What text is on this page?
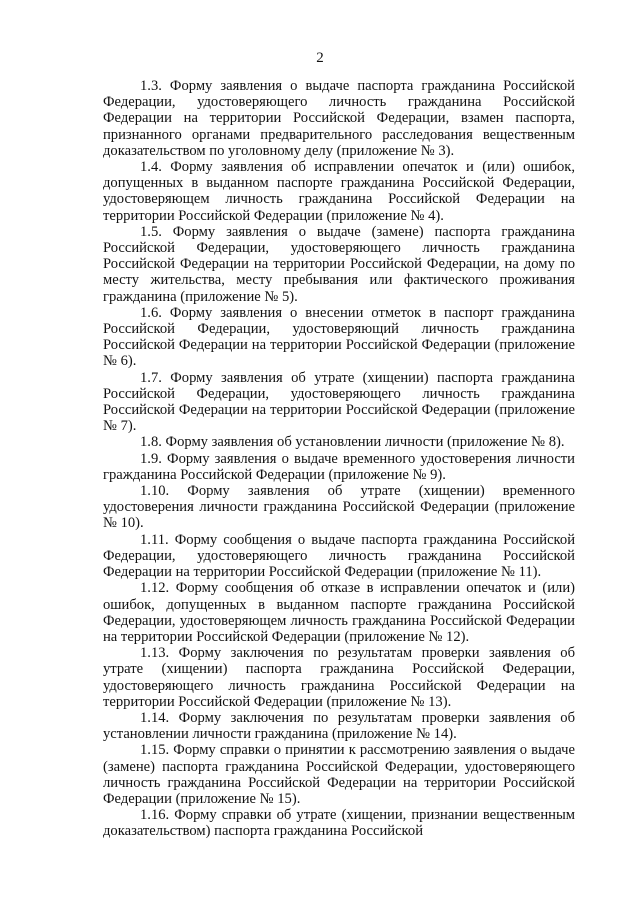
2

1.3. Форму заявления о выдаче паспорта гражданина Российской Федерации, удостоверяющего личность гражданина Российской Федерации на территории Российской Федерации, взамен паспорта, признанного органами предварительного расследования вещественным доказательством по уголовному делу (приложение № 3).

1.4. Форму заявления об исправлении опечаток и (или) ошибок, допущенных в выданном паспорте гражданина Российской Федерации, удостоверяющем личность гражданина Российской Федерации на территории Российской Федерации (приложение № 4).

1.5. Форму заявления о выдаче (замене) паспорта гражданина Российской Федерации, удостоверяющего личность гражданина Российской Федерации на территории Российской Федерации, на дому по месту жительства, месту пребывания или фактического проживания гражданина (приложение № 5).

1.6. Форму заявления о внесении отметок в паспорт гражданина Российской Федерации, удостоверяющий личность гражданина Российской Федерации на территории Российской Федерации (приложение № 6).

1.7. Форму заявления об утрате (хищении) паспорта гражданина Российской Федерации, удостоверяющего личность гражданина Российской Федерации на территории Российской Федерации (приложение № 7).

1.8. Форму заявления об установлении личности (приложение № 8).

1.9. Форму заявления о выдаче временного удостоверения личности гражданина Российской Федерации (приложение № 9).

1.10. Форму заявления об утрате (хищении) временного удостоверения личности гражданина Российской Федерации (приложение № 10).

1.11. Форму сообщения о выдаче паспорта гражданина Российской Федерации, удостоверяющего личность гражданина Российской Федерации на территории Российской Федерации (приложение № 11).

1.12. Форму сообщения об отказе в исправлении опечаток и (или) ошибок, допущенных в выданном паспорте гражданина Российской Федерации, удостоверяющем личность гражданина Российской Федерации на территории Российской Федерации (приложение № 12).

1.13. Форму заключения по результатам проверки заявления об утрате (хищении) паспорта гражданина Российской Федерации, удостоверяющего личность гражданина Российской Федерации на территории Российской Федерации (приложение № 13).

1.14. Форму заключения по результатам проверки заявления об установлении личности гражданина (приложение № 14).

1.15. Форму справки о принятии к рассмотрению заявления о выдаче (замене) паспорта гражданина Российской Федерации, удостоверяющего личность гражданина Российской Федерации на территории Российской Федерации (приложение № 15).

1.16. Форму справки об утрате (хищении, признании вещественным доказательством) паспорта гражданина Российской
